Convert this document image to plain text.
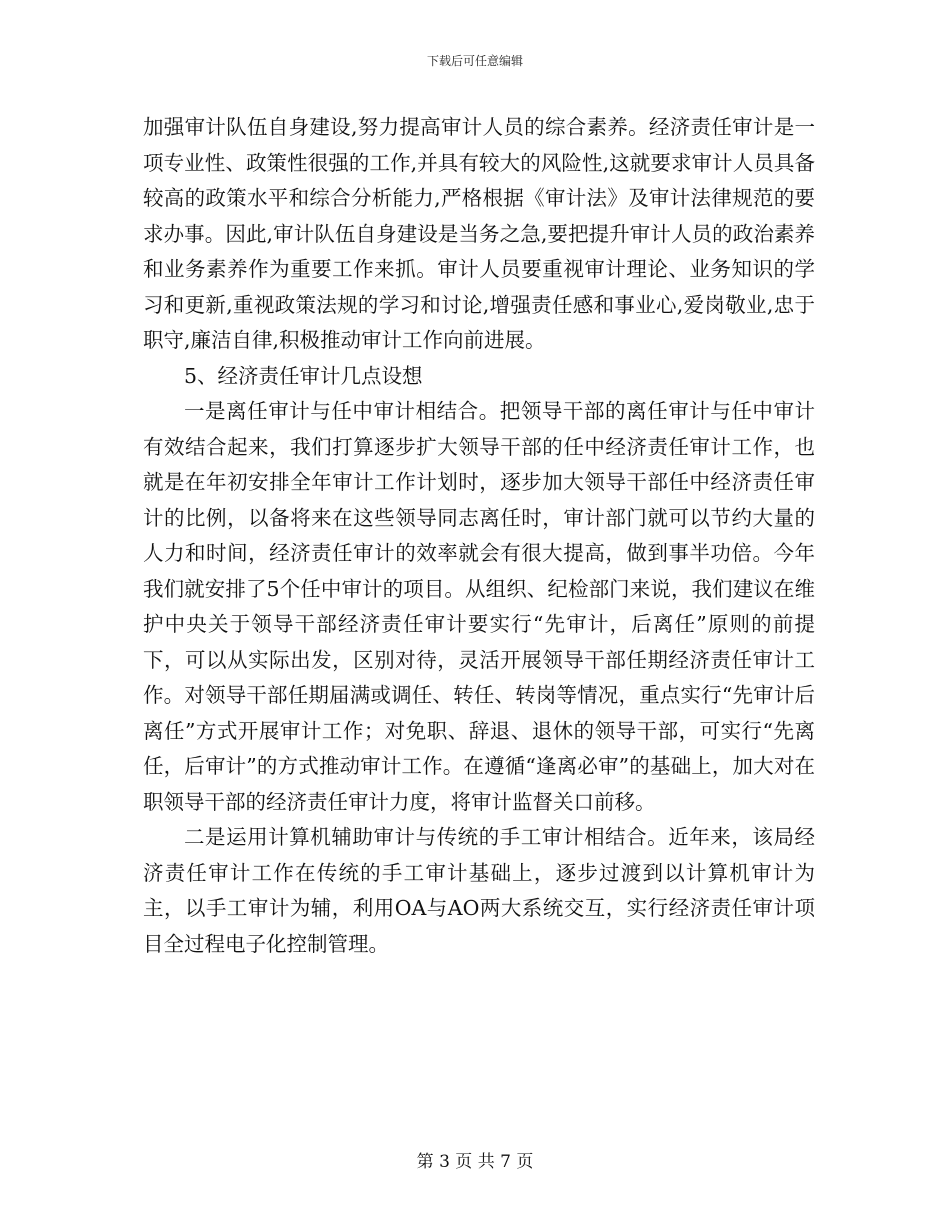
下载后可任意编辑

加强审计队伍自身建设,努力提高审计人员的综合素养。经济责任审计是一项专业性、政策性很强的工作,并具有较大的风险性,这就要求审计人员具备较高的政策水平和综合分析能力,严格根据《审计法》及审计法律规范的要求办事。因此,审计队伍自身建设是当务之急,要把提升审计人员的政治素养和业务素养作为重要工作来抓。审计人员要重视审计理论、业务知识的学习和更新,重视政策法规的学习和讨论,增强责任感和事业心,爱岗敬业,忠于职守,廉洁自律,积极推动审计工作向前进展。

5、经济责任审计几点设想

一是离任审计与任中审计相结合。把领导干部的离任审计与任中审计有效结合起来，我们打算逐步扩大领导干部的任中经济责任审计工作，也就是在年初安排全年审计工作计划时，逐步加大领导干部任中经济责任审计的比例，以备将来在这些领导同志离任时，审计部门就可以节约大量的人力和时间，经济责任审计的效率就会有很大提高，做到事半功倍。今年我们就安排了5个任中审计的项目。从组织、纪检部门来说，我们建议在维护中央关于领导干部经济责任审计要实行“先审计，后离任”原则的前提下，可以从实际出发，区别对待，灵活开展领导干部任期经济责任审计工作。对领导干部任期届满或调任、转任、转岗等情况，重点实行“先审计后离任”方式开展审计工作；对免职、辞退、退休的领导干部，可实行“先离任，后审计”的方式推动审计工作。在遵循“逢离必审”的基础上，加大对在职领导干部的经济责任审计力度，将审计监督关口前移。

二是运用计算机辅助审计与传统的手工审计相结合。近年来，该局经济责任审计工作在传统的手工审计基础上，逐步过渡到以计算机审计为主，以手工审计为辅，利用OA与AO两大系统交互，实行经济责任审计项目全过程电子化控制管理。

第 3 页 共 7 页
